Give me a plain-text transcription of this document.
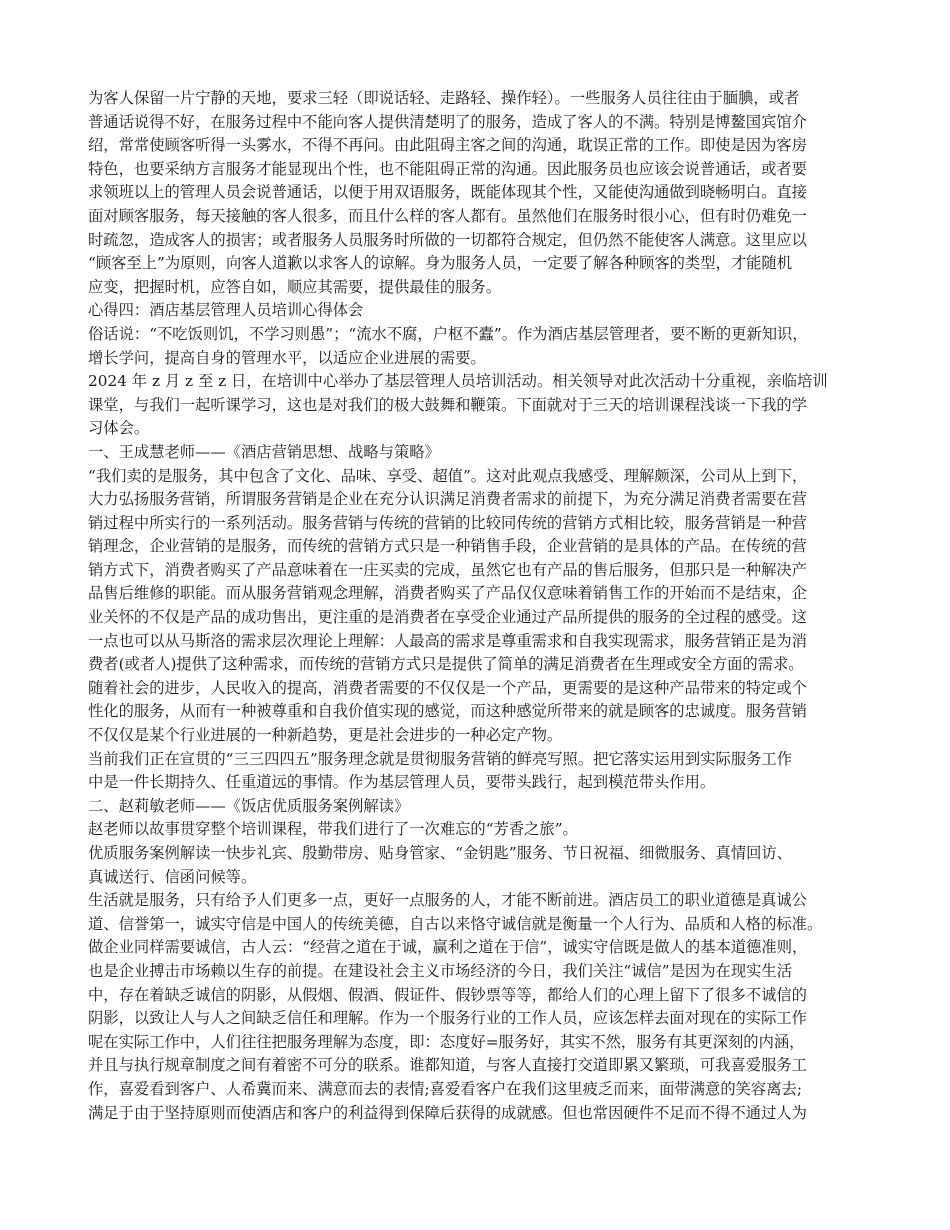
为客人保留一片宁静的天地，要求三轻（即说话轻、走路轻、操作轻）。一些服务人员往往由于腼腆，或者
普通话说得不好，在服务过程中不能向客人提供清楚明了的服务，造成了客人的不满。特别是博鳌国宾馆介
绍，常常使顾客听得一头雾水，不得不再问。由此阻碍主客之间的沟通，耽误正常的工作。即使是因为客房
特色，也要采纳方言服务才能显现出个性，也不能阻碍正常的沟通。因此服务员也应该会说普通话，或者要
求领班以上的管理人员会说普通话，以便于用双语服务，既能体现其个性，又能使沟通做到晓畅明白。直接
面对顾客服务，每天接触的客人很多，而且什么样的客人都有。虽然他们在服务时很小心，但有时仍难免一
时疏忽，造成客人的损害；或者服务人员服务时所做的一切都符合规定，但仍然不能使客人满意。这里应以
“顾客至上”为原则，向客人道歉以求客人的谅解。身为服务人员，一定要了解各种顾客的类型，才能随机
应变，把握时机，应答自如，顺应其需要，提供最佳的服务。
心得四：酒店基层管理人员培训心得体会
俗话说：“不吃饭则饥，不学习则愚”；“流水不腐，户枢不蠹”。作为酒店基层管理者，要不断的更新知识，
增长学问，提高自身的管理水平，以适应企业进展的需要。
2024 年 z 月 z 至 z 日，在培训中心举办了基层管理人员培训活动。相关领导对此次活动十分重视，亲临培训
课堂，与我们一起听课学习，这也是对我们的极大鼓舞和鞭策。下面就对于三天的培训课程浅谈一下我的学
习体会。
一、王成慧老师——《酒店营销思想、战略与策略》
“我们卖的是服务，其中包含了文化、品味、享受、超值”。这对此观点我感受、理解颇深，公司从上到下，
大力弘扬服务营销，所谓服务营销是企业在充分认识满足消费者需求的前提下，为充分满足消费者需要在营
销过程中所实行的一系列活动。服务营销与传统的营销的比较同传统的营销方式相比较，服务营销是一种营
销理念，企业营销的是服务，而传统的营销方式只是一种销售手段，企业营销的是具体的产品。在传统的营
销方式下，消费者购买了产品意味着在一庄买卖的完成，虽然它也有产品的售后服务，但那只是一种解决产
品售后维修的职能。而从服务营销观念理解，消费者购买了产品仅仅意味着销售工作的开始而不是结束，企
业关怀的不仅是产品的成功售出，更注重的是消费者在享受企业通过产品所提供的服务的全过程的感受。这
一点也可以从马斯洛的需求层次理论上理解：人最高的需求是尊重需求和自我实现需求，服务营销正是为消
费者(或者人)提供了这种需求，而传统的营销方式只是提供了简单的满足消费者在生理或安全方面的需求。
随着社会的进步，人民收入的提高，消费者需要的不仅仅是一个产品，更需要的是这种产品带来的特定或个
性化的服务，从而有一种被尊重和自我价值实现的感觉，而这种感觉所带来的就是顾客的忠诚度。服务营销
不仅仅是某个行业进展的一种新趋势，更是社会进步的一种必定产物。
当前我们正在宣贯的“三三四四五”服务理念就是贯彻服务营销的鲜亮写照。把它落实运用到实际服务工作
中是一件长期持久、任重道远的事情。作为基层管理人员，要带头践行，起到模范带头作用。
二、赵莉敏老师——《饭店优质服务案例解读》
赵老师以故事贯穿整个培训课程，带我们进行了一次难忘的“芳香之旅”。
优质服务案例解读一快步礼宾、殷勤带房、贴身管家、“金钥匙”服务、节日祝福、细微服务、真情回访、
真诚送行、信函问候等。
生活就是服务，只有给予人们更多一点，更好一点服务的人，才能不断前进。酒店员工的职业道德是真诚公
道、信誉第一，诚实守信是中国人的传统美德，自古以来恪守诚信就是衡量一个人行为、品质和人格的标准。
做企业同样需要诚信，古人云：“经营之道在于诚，赢利之道在于信”，诚实守信既是做人的基本道德准则，
也是企业搏击市场赖以生存的前提。在建设社会主义市场经济的今日，我们关注“诚信”是因为在现实生活
中，存在着缺乏诚信的阴影，从假烟、假酒、假证件、假钞票等等，都给人们的心理上留下了很多不诚信的
阴影，以致让人与人之间缺乏信任和理解。作为一个服务行业的工作人员，应该怎样去面对现在的实际工作
呢在实际工作中，人们往往把服务理解为态度，即：态度好=服务好，其实不然，服务有其更深刻的内涵，
并且与执行规章制度之间有着密不可分的联系。谁都知道，与客人直接打交道即累又繁琐，可我喜爱服务工
作，喜爱看到客户、人希冀而来、满意而去的表情;喜爱看客户在我们这里疲乏而来，面带满意的笑容离去;
满足于由于坚持原则而使酒店和客户的利益得到保障后获得的成就感。但也常因硬件不足而不得不通过人为
